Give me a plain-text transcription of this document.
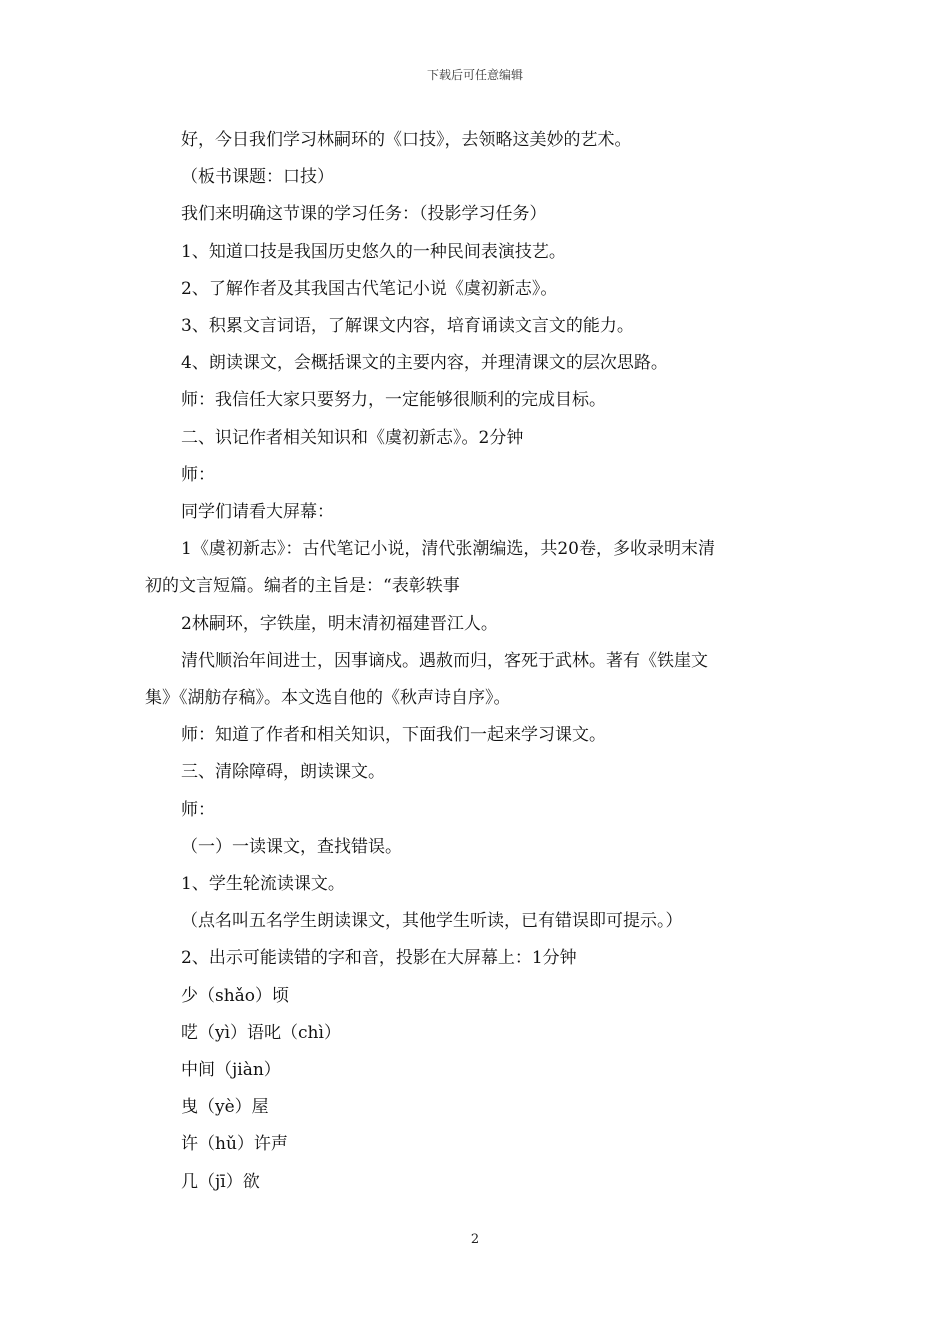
下载后可任意编辑

好，今日我们学习林嗣环的《口技》，去领略这美妙的艺术。

（板书课题：口技）

我们来明确这节课的学习任务：（投影学习任务）

1、知道口技是我国历史悠久的一种民间表演技艺。

2、了解作者及其我国古代笔记小说《虞初新志》。

3、积累文言词语，了解课文内容，培育诵读文言文的能力。

4、朗读课文，会概括课文的主要内容，并理清课文的层次思路。

师：我信任大家只要努力，一定能够很顺利的完成目标。

二、识记作者相关知识和《虞初新志》。2分钟

师：

同学们请看大屏幕：

1《虞初新志》：古代笔记小说，清代张潮编选，共20卷，多收录明末清

初的文言短篇。编者的主旨是：“表彰轶事

2林嗣环，字铁崖，明末清初福建晋江人。

清代顺治年间进士，因事谪戍。遇赦而归，客死于武林。著有《铁崖文

集》《湖舫存稿》。本文选自他的《秋声诗自序》。

师：知道了作者和相关知识，下面我们一起来学习课文。

三、清除障碍，朗读课文。

师：

（一）一读课文，查找错误。

1、学生轮流读课文。

（点名叫五名学生朗读课文，其他学生听读，已有错误即可提示。）

2、出示可能读错的字和音，投影在大屏幕上：1分钟

少（shǎo）顷

呓（yì）语叱（chì）

中间（jiàn）

曳（yè）屋

许（hǔ）许声

几（jī）欲

2
